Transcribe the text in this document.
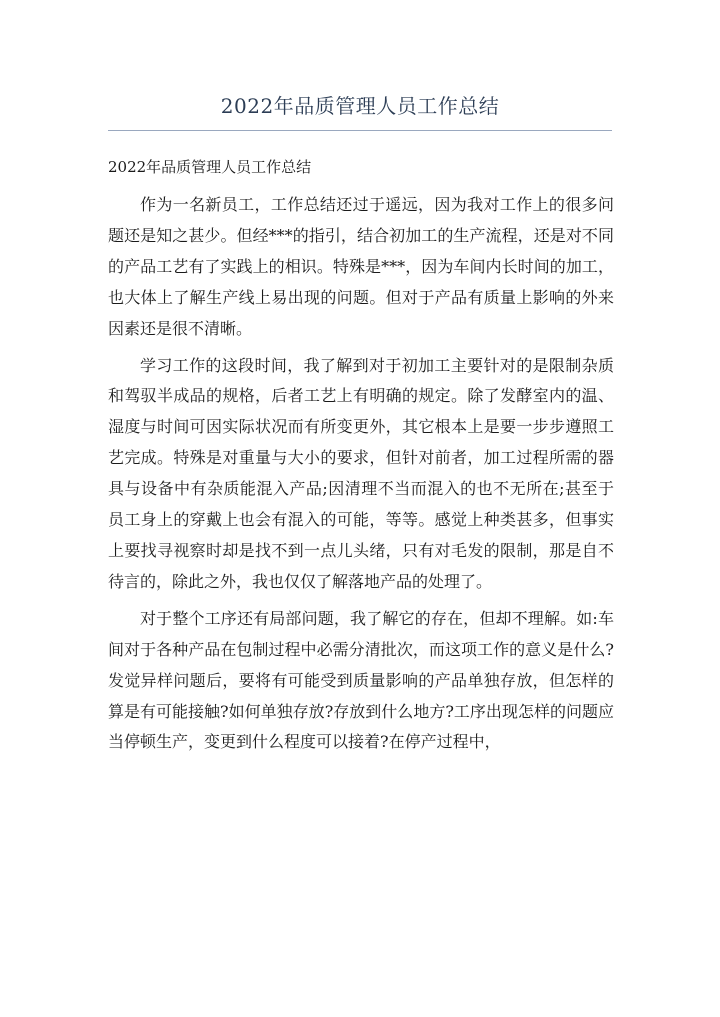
2022年品质管理人员工作总结
2022年品质管理人员工作总结

作为一名新员工，工作总结还过于遥远，因为我对工作上的很多问题还是知之甚少。但经***的指引，结合初加工的生产流程，还是对不同的产品工艺有了实践上的相识。特殊是***，因为车间内长时间的加工，也大体上了解生产线上易出现的问题。但对于产品有质量上影响的外来因素还是很不清晰。

学习工作的这段时间，我了解到对于初加工主要针对的是限制杂质和驾驭半成品的规格，后者工艺上有明确的规定。除了发酵室内的温、湿度与时间可因实际状况而有所变更外，其它根本上是要一步步遵照工艺完成。特殊是对重量与大小的要求，但针对前者，加工过程所需的器具与设备中有杂质能混入产品;因清理不当而混入的也不无所在;甚至于员工身上的穿戴上也会有混入的可能，等等。感觉上种类甚多，但事实上要找寻视察时却是找不到一点儿头绪，只有对毛发的限制，那是自不待言的，除此之外，我也仅仅了解落地产品的处理了。

对于整个工序还有局部问题，我了解它的存在，但却不理解。如:车间对于各种产品在包制过程中必需分清批次，而这项工作的意义是什么?发觉异样问题后，要将有可能受到质量影响的产品单独存放，但怎样的算是有可能接触?如何单独存放?存放到什么地方?工序出现怎样的问题应当停顿生产，变更到什么程度可以接着?在停产过程中，
